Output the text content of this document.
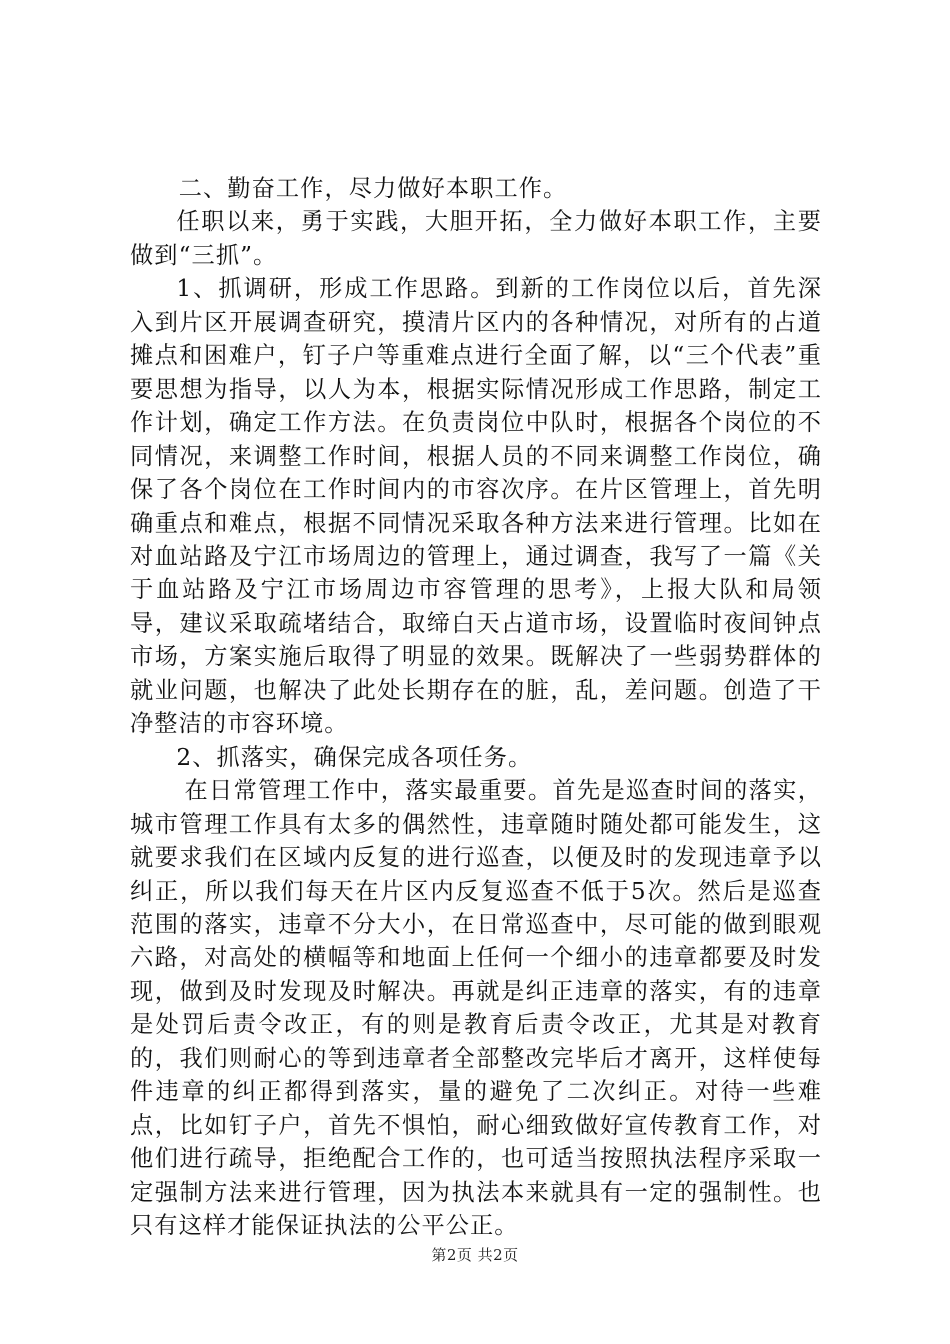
二、勤奋工作，尽力做好本职工作。

任职以来，勇于实践，大胆开拓，全力做好本职工作，主要做到“三抓”。

1、抓调研，形成工作思路。到新的工作岗位以后，首先深入到片区开展调查研究，摸清片区内的各种情况，对所有的占道摊点和困难户，钉子户等重难点进行全面了解，以“三个代表”重要思想为指导，以人为本，根据实际情况形成工作思路，制定工作计划，确定工作方法。在负责岗位中队时，根据各个岗位的不同情况，来调整工作时间，根据人员的不同来调整工作岗位，确保了各个岗位在工作时间内的市容次序。在片区管理上，首先明确重点和难点，根据不同情况采取各种方法来进行管理。比如在对血站路及宁江市场周边的管理上，通过调查，我写了一篇《关于血站路及宁江市场周边市容管理的思考》，上报大队和局领导，建议采取疏堵结合，取缔白天占道市场，设置临时夜间钟点市场，方案实施后取得了明显的效果。既解决了一些弱势群体的就业问题，也解决了此处长期存在的脏，乱，差问题。创造了干净整洁的市容环境。

2、抓落实，确保完成各项任务。

在日常管理工作中，落实最重要。首先是巡查时间的落实，城市管理工作具有太多的偶然性，违章随时随处都可能发生，这就要求我们在区域内反复的进行巡查，以便及时的发现违章予以纠正，所以我们每天在片区内反复巡查不低于5次。然后是巡查范围的落实，违章不分大小，在日常巡查中，尽可能的做到眼观六路，对高处的横幅等和地面上任何一个细小的违章都要及时发现，做到及时发现及时解决。再就是纠正违章的落实，有的违章是处罚后责令改正，有的则是教育后责令改正，尤其是对教育的，我们则耐心的等到违章者全部整改完毕后才离开，这样使每件违章的纠正都得到落实，量的避免了二次纠正。对待一些难点，比如钉子户，首先不惧怕，耐心细致做好宣传教育工作，对他们进行疏导，拒绝配合工作的，也可适当按照执法程序采取一定强制方法来进行管理，因为执法本来就具有一定的强制性。也只有这样才能保证执法的公平公正。

第2页 共2页
